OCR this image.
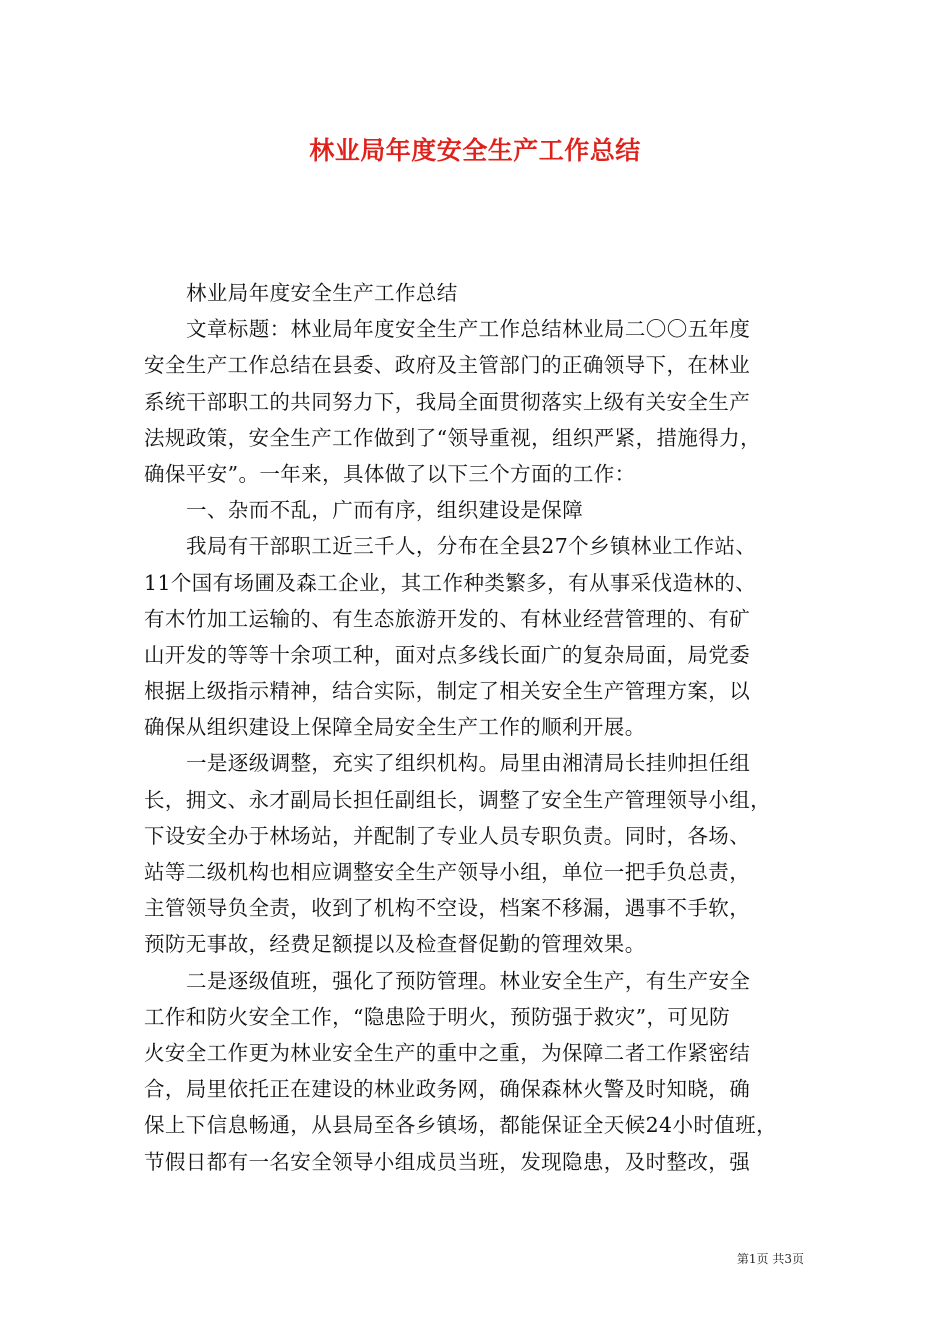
林业局年度安全生产工作总结
林业局年度安全生产工作总结
文章标题：林业局年度安全生产工作总结林业局二〇〇五年度
安全生产工作总结在县委、政府及主管部门的正确领导下，在林业
系统干部职工的共同努力下，我局全面贯彻落实上级有关安全生产
法规政策，安全生产工作做到了“领导重视，组织严紧，措施得力，
确保平安”。一年来，具体做了以下三个方面的工作：
一、杂而不乱，广而有序，组织建设是保障
我局有干部职工近三千人，分布在全县27个乡镇林业工作站、
11个国有场圃及森工企业，其工作种类繁多，有从事采伐造林的、
有木竹加工运输的、有生态旅游开发的、有林业经营管理的、有矿
山开发的等等十余项工种，面对点多线长面广的复杂局面，局党委
根据上级指示精神，结合实际，制定了相关安全生产管理方案，以
确保从组织建设上保障全局安全生产工作的顺利开展。
一是逐级调整，充实了组织机构。局里由湘清局长挂帅担任组
长，拥文、永才副局长担任副组长，调整了安全生产管理领导小组，
下设安全办于林场站，并配制了专业人员专职负责。同时，各场、
站等二级机构也相应调整安全生产领导小组，单位一把手负总责，
主管领导负全责，收到了机构不空设，档案不移漏，遇事不手软，
预防无事故，经费足额提以及检查督促勤的管理效果。
二是逐级值班，强化了预防管理。林业安全生产，有生产安全
工作和防火安全工作，“隐患险于明火，预防强于救灾”，可见防
火安全工作更为林业安全生产的重中之重，为保障二者工作紧密结
合，局里依托正在建设的林业政务网，确保森林火警及时知晓，确
保上下信息畅通，从县局至各乡镇场，都能保证全天候24小时值班，
节假日都有一名安全领导小组成员当班，发现隐患，及时整改，强
第1页 共3页
